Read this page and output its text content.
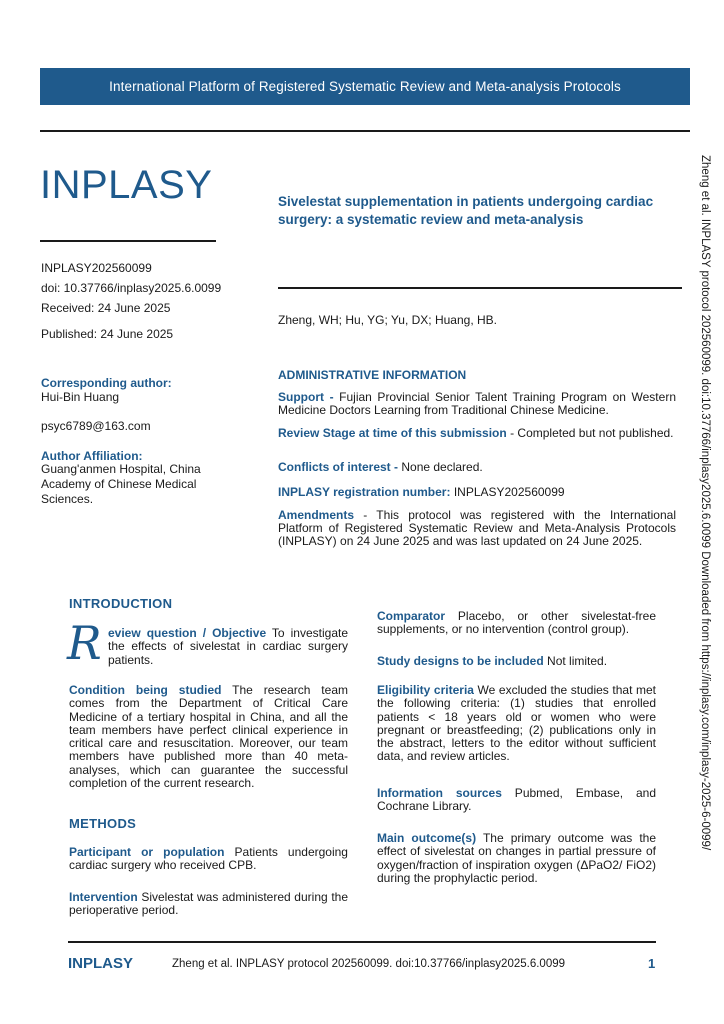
International Platform of Registered Systematic Review and Meta-analysis Protocols
INPLASY	Sivelestat supplementation in patients undergoing cardiac surgery: a systematic review and meta-analysis
INPLASY202560099
doi: 10.37766/inplasy2025.6.0099
Received: 24 June 2025
Published: 24 June 2025
Zheng, WH; Hu, YG; Yu, DX; Huang, HB.
Corresponding author:
Hui-Bin Huang
psyc6789@163.com
Author Affiliation:
Guang'anmen Hospital, China
Academy of Chinese Medical
Sciences.
ADMINISTRATIVE INFORMATION
Support - Fujian Provincial Senior Talent Training Program on Western Medicine Doctors Learning from Traditional Chinese Medicine.
Review Stage at time of this submission - Completed but not published.
Conflicts of interest - None declared.
INPLASY registration number: INPLASY202560099
Amendments - This protocol was registered with the International Platform of Registered Systematic Review and Meta-Analysis Protocols (INPLASY) on 24 June 2025 and was last updated on 24 June 2025.
INTRODUCTION
R eview question / Objective To investigate the effects of sivelestat in cardiac surgery patients.
Condition being studied The research team comes from the Department of Critical Care Medicine of a tertiary hospital in China, and all the team members have perfect clinical experience in critical care and resuscitation. Moreover, our team members have published more than 40 meta-analyses, which can guarantee the successful completion of the current research.
METHODS
Participant or population Patients undergoing cardiac surgery who received CPB.
Intervention Sivelestat was administered during the perioperative period.
Comparator Placebo, or other sivelestat-free supplements, or no intervention (control group).
Study designs to be included Not limited.
Eligibility criteria We excluded the studies that met the following criteria: (1) studies that enrolled patients < 18 years old or women who were pregnant or breastfeeding; (2) publications only in the abstract, letters to the editor without sufficient data, and review articles.
Information sources Pubmed, Embase, and Cochrane Library.
Main outcome(s) The primary outcome was the effect of sivelestat on changes in partial pressure of oxygen/fraction of inspiration oxygen (ΔPaO2/ FiO2) during the prophylactic period.
Zheng et al. INPLASY protocol 202560099. doi:10.37766/inplasy2025.6.0099 Downloaded from https://inplasy.com/inplasy-2025-6-0099/
INPLASY	Zheng et al. INPLASY protocol 202560099. doi:10.37766/inplasy2025.6.0099	1
